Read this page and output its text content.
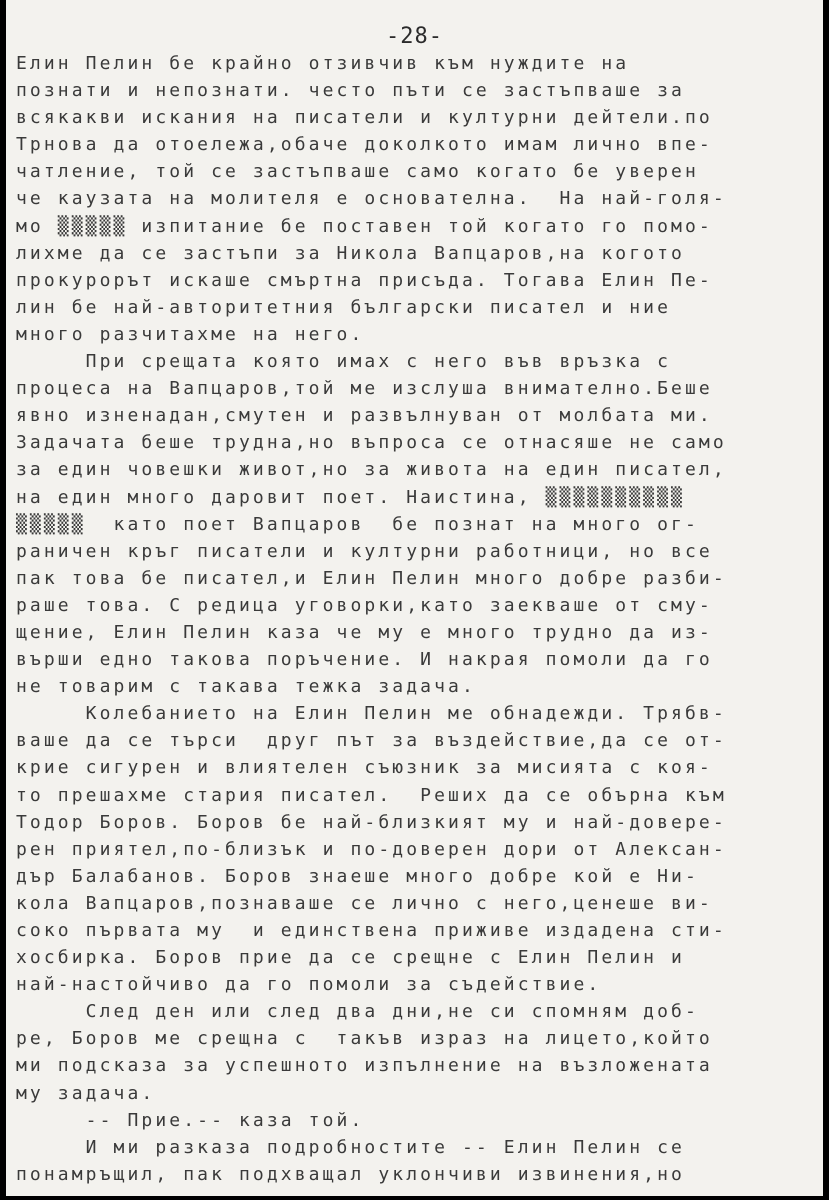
-28-
Елин Пелин бе крайно отзивчив към нуждите на
познати и непознати. често пъти се застъпваше за
всякакви искания на писатели и културни дейтели.по
Трнова да отоележа,обаче доколкото имам лично впе-
чатление, той се застъпваше само когато бе уверен
че каузата на молителя е основателна.  На най-голя-
мо ▒▒▒▒▒ изпитание бе поставен той когато го помо-
лихме да се застъпи за Никола Вапцаров,на когото
прокурорът искаше смъртна присъда. Тогава Елин Пе-
лин бе най-авторитетния български писател и ние
много разчитахме на него.
При срещата която имах с него във връзка с
процеса на Вапцаров,той ме изслуша внимателно.Беше
явно изненадан,смутен и развълнуван от молбата ми.
Задачата беше трудна,но въпроса се отнасяше не само
за един човешки живот,но за живота на един писател,
на един много даровит поет. Наистина, ▒▒▒▒▒▒▒▒▒▒
▒▒▒▒▒  като поет Вапцаров  бе познат на много ог-
раничен кръг писатели и културни работници, но все
пак това бе писател,и Елин Пелин много добре разби-
раше това. С редица уговорки,като заекваше от сму-
щение, Елин Пелин каза че му е много трудно да из-
върши едно такова поръчение. И накрая помоли да го
не товарим с такава тежка задача.
Колебанието на Елин Пелин ме обнадежди. Трябв-
ваше да се търси  друг път за въздействие,да се от-
крие сигурен и влиятелен съюзник за мисията с коя-
то прешахме стария писател.  Реших да се обърна към
Тодор Боров. Боров бе най-близкият му и най-довере-
рен приятел,по-близък и по-доверен дори от Алексан-
дър Балабанов. Боров знаеше много добре кой е Ни-
кола Вапцаров,познаваше се лично с него,ценеше ви-
соко първата му  и единствена приживе издадена сти-
хосбирка. Боров прие да се срещне с Елин Пелин и
най-настойчиво да го помоли за съдействие.
След ден или след два дни,не си спомням доб-
ре, Боров ме срещна с  такъв израз на лицето,който
ми подсказа за успешното изпълнение на възложената
му задача.
-- Прие.-- каза той.
И ми разказа подробностите -- Елин Пелин се
понамръщил, пак подхващал уклончиви извинения,но
